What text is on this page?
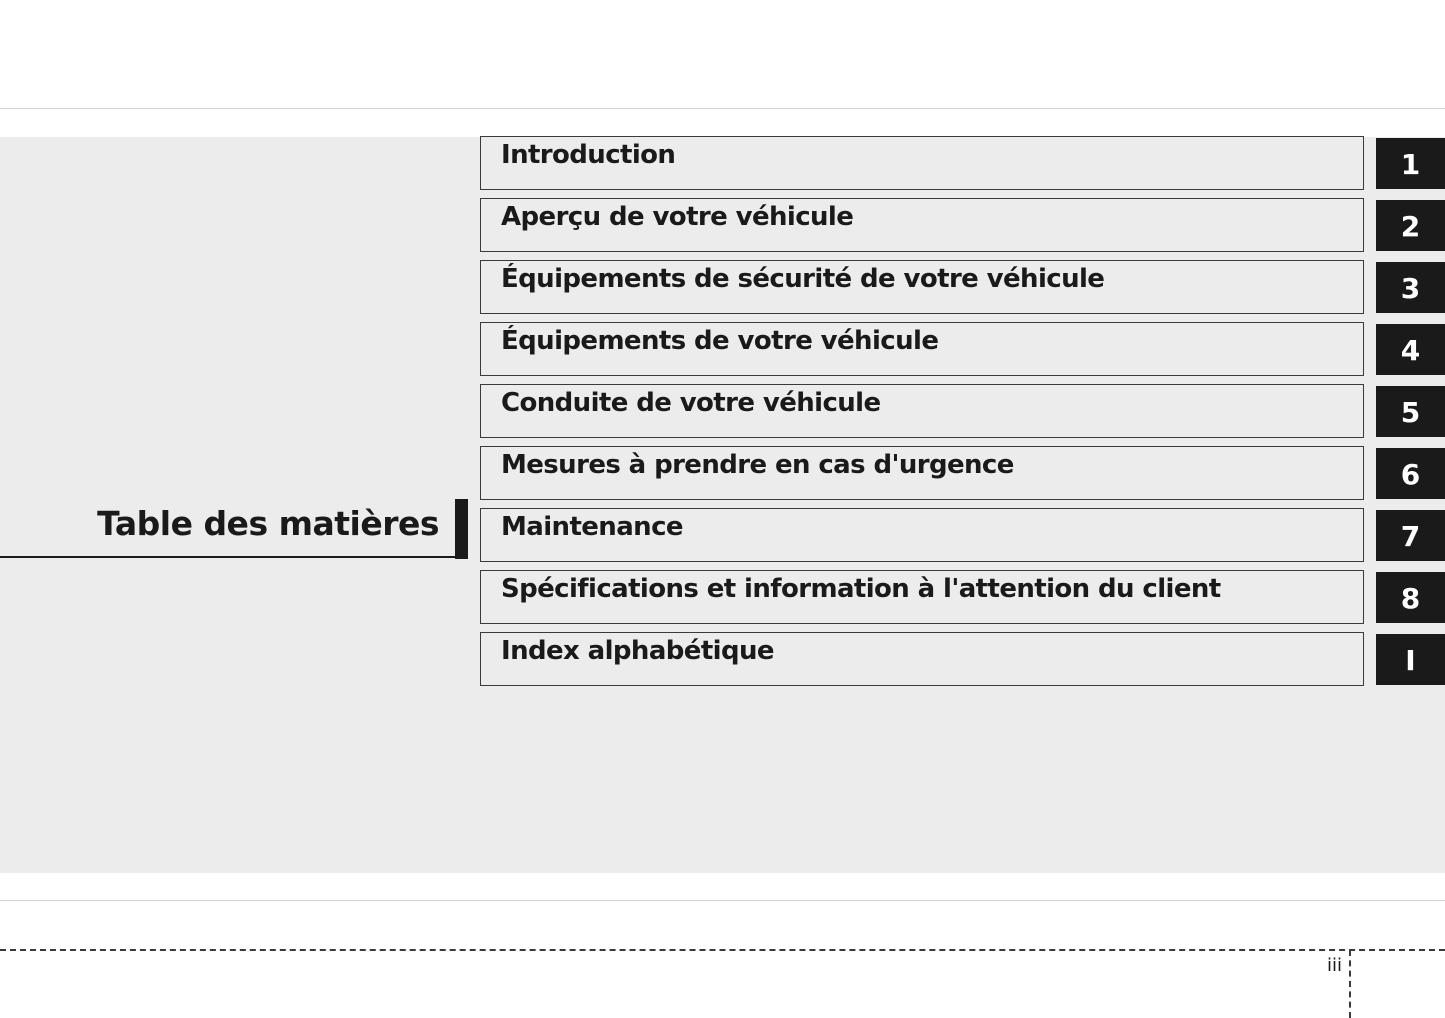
Table des matières
Introduction	1
Aperçu de votre véhicule	2
Équipements de sécurité de votre véhicule	3
Équipements de votre véhicule	4
Conduite de votre véhicule	5
Mesures à prendre en cas d'urgence	6
Maintenance	7
Spécifications et information à l'attention du client	8
Index alphabétique	I
iii
